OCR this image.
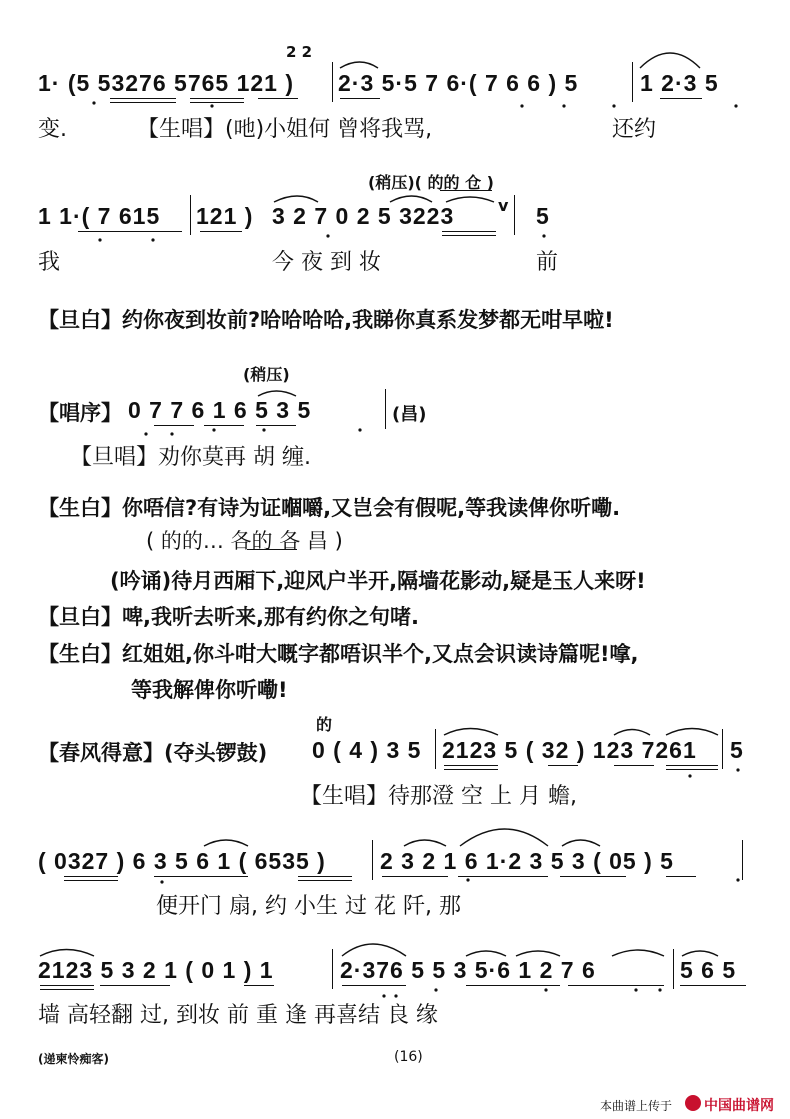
2 2
1· (5 53276 5765 121 ) 2·3 5·5 7 6·( 7 6 6 ) 5	1 2·3 5
变.	【生唱】(吔)小姐何 曾将我骂,	还约
(稍压)( 的的 仓 )
1 1·( 7 615 121 ) 3 2 7 0 2 5 3223	v 5
我	今 夜 到 妆	前
【旦白】约你夜到妆前?哈哈哈哈,我睇你真系发梦都无咁早啦!
(稍压)
【唱序】 0 7 7 6 1 6 5 3 5	(昌)
【旦唱】劝你莫再 胡 缠.
【生白】你唔信?有诗为证嗰嚼,又岂会有假呢,等我读俾你听嘞.
( 的的… 各的 各 昌 )
(吟诵)待月西厢下,迎风户半开,隔墙花影动,疑是玉人来呀!
【旦白】啤,我听去听来,那有约你之句啫.
【生白】红姐姐,你斗咁大嘅字都唔识半个,又点会识读诗篇呢!嗱,
等我解俾你听嘞!
的
【春风得意】(夺头锣鼓) 0 ( 4 ) 3 5 2123 5 ( 32 ) 123 7261 5
【生唱】待那澄 空 上 月 蟾,
( 0327 ) 6 3 5 6 1 ( 6535 ) 2 3 2 1 6 1·2 3 5 3 ( 05 ) 5
便开门 扇, 约 小生 过 花 阡, 那
2123 5 3 2 1 ( 0 1 ) 1	2·376 5 5 3 5·6 1 2 7 6	5 6 5
墙 高轻翻 过, 到妆 前 重 逢 再喜结 良 缘
(递柬怜痴客)	(16)
本曲谱上传于 中国曲谱网
